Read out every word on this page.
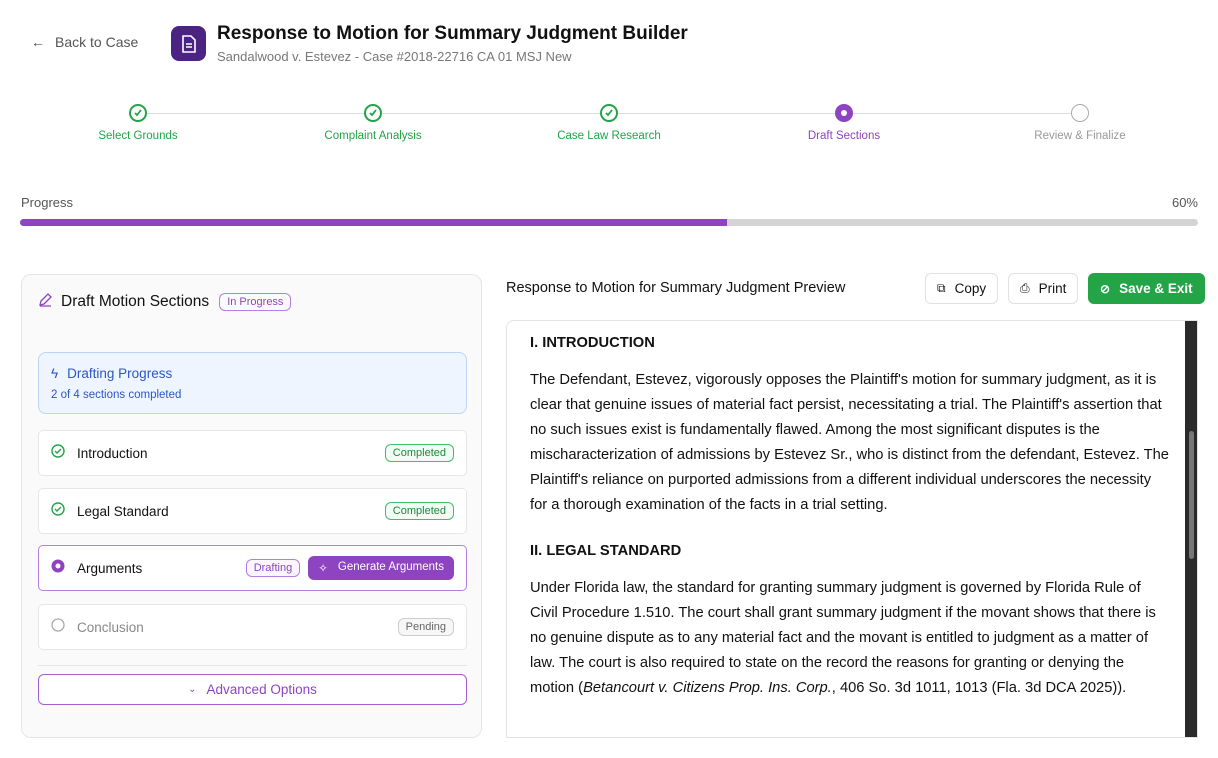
← Back to Case	Response to Motion for Summary Judgment Builder
Sandalwood v. Estevez - Case #2018-22716 CA 01 MSJ New
Select Grounds	Complaint Analysis	Case Law Research	Draft Sections	Review & Finalize
Progress	60%
Draft Motion Sections	In Progress
ϟ Drafting Progress
2 of 4 sections completed
Introduction	Completed
Legal Standard	Completed
Arguments	Drafting	✧ Generate Arguments
Conclusion	Pending
⌄ Advanced Options
Response to Motion for Summary Judgment Preview	⧉ Copy	⎙ Print	⊘ Save & Exit
I. INTRODUCTION

The Defendant, Estevez, vigorously opposes the Plaintiff's motion for summary judgment, as it is clear that genuine issues of material fact persist, necessitating a trial. The Plaintiff's assertion that no such issues exist is fundamentally flawed. Among the most significant disputes is the mischaracterization of admissions by Estevez Sr., who is distinct from the defendant, Estevez. The Plaintiff's reliance on purported admissions from a different individual underscores the necessity for a thorough examination of the facts in a trial setting.

II. LEGAL STANDARD

Under Florida law, the standard for granting summary judgment is governed by Florida Rule of Civil Procedure 1.510. The court shall grant summary judgment if the movant shows that there is no genuine dispute as to any material fact and the movant is entitled to judgment as a matter of law. The court is also required to state on the record the reasons for granting or denying the motion (Betancourt v. Citizens Prop. Ins. Corp., 406 So. 3d 1011, 1013 (Fla. 3d DCA 2025)).
